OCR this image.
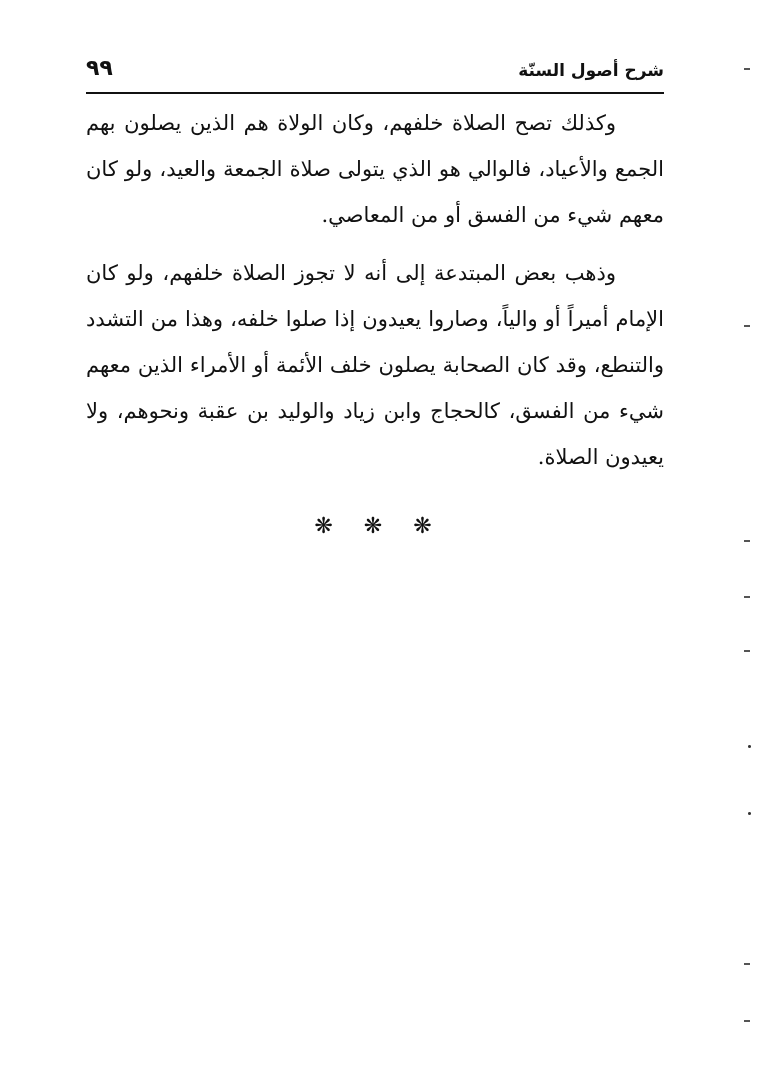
شرح أصول السنّة
٩٩

وكذلك تصح الصلاة خلفهم، وكان الولاة هم الذين يصلون بهم الجمع والأعياد، فالوالي هو الذي يتولى صلاة الجمعة والعيد، ولو كان معهم شيء من الفسق أو من المعاصي.

وذهب بعض المبتدعة إلى أنه لا تجوز الصلاة خلفهم، ولو كان الإمام أميراً أو والياً، وصاروا يعيدون إذا صلوا خلفه، وهذا من التشدد والتنطع، وقد كان الصحابة يصلون خلف الأئمة أو الأمراء الذين معهم شيء من الفسق، كالحجاج وابن زياد والوليد بن عقبة ونحوهم، ولا يعيدون الصلاة.

❋ ❋ ❋
